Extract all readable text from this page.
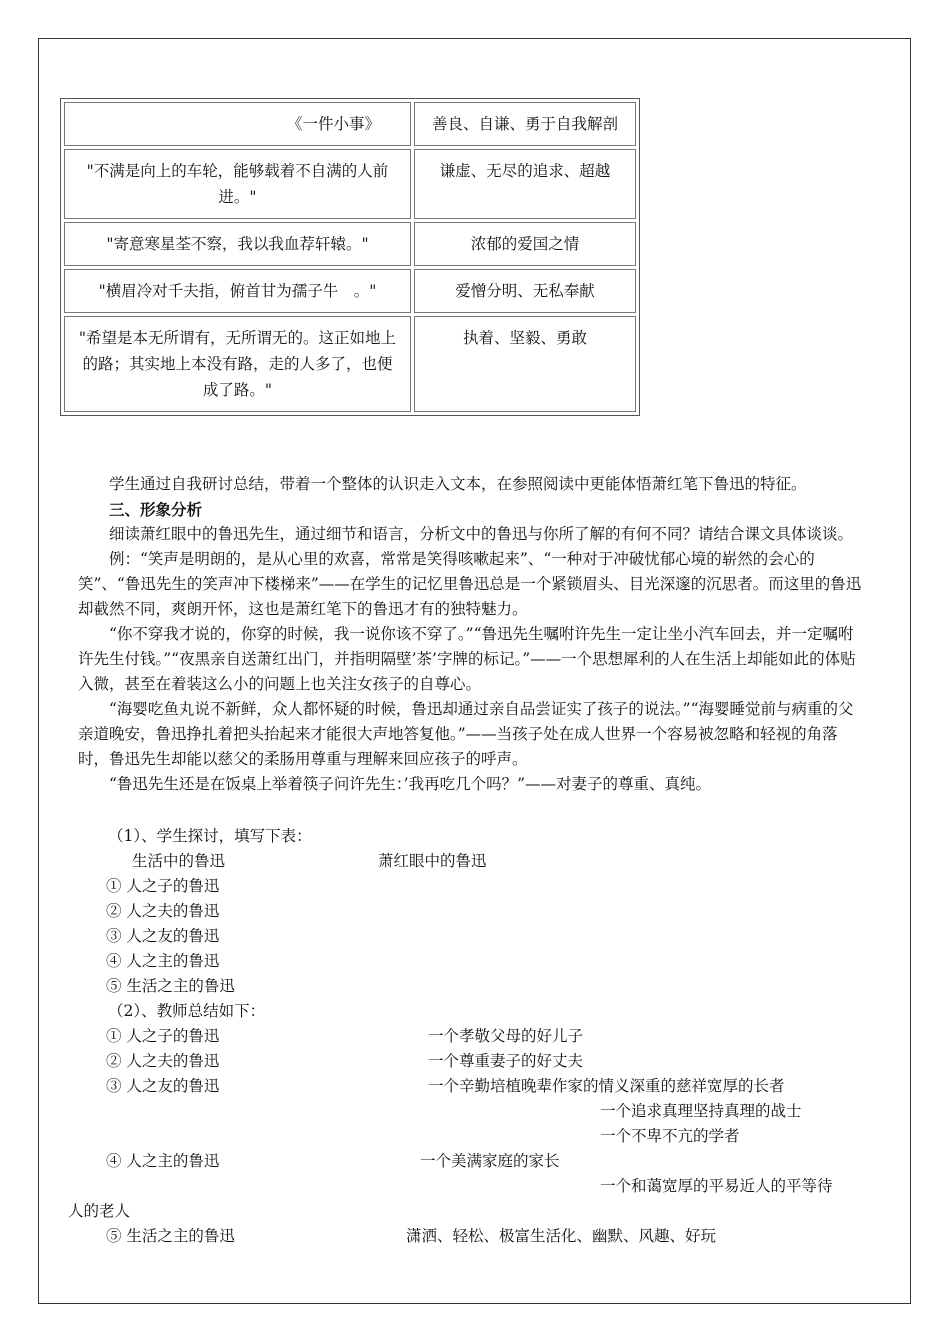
《一件小事》	善良、自谦、勇于自我解剖
"不满是向上的车轮，能够载着不自满的人前进。"	谦虚、无尽的追求、超越
"寄意寒星荃不察，我以我血荐轩辕。"	浓郁的爱国之情
"横眉冷对千夫指，俯首甘为孺子牛　。"	爱憎分明、无私奉献
"希望是本无所谓有，无所谓无的。这正如地上的路；其实地上本没有路，走的人多了，也便成了路。"	执着、坚毅、勇敢

学生通过自我研讨总结，带着一个整体的认识走入文本，在参照阅读中更能体悟萧红笔下鲁迅的特征。

三、形象分析

细读萧红眼中的鲁迅先生，通过细节和语言，分析文中的鲁迅与你所了解的有何不同？请结合课文具体谈谈。

例：“笑声是明朗的，是从心里的欢喜，常常是笑得咳嗽起来”、“一种对于冲破忧郁心境的崭然的会心的笑”、“鲁迅先生的笑声冲下楼梯来”——在学生的记忆里鲁迅总是一个紧锁眉头、目光深邃的沉思者。而这里的鲁迅却截然不同，爽朗开怀，这也是萧红笔下的鲁迅才有的独特魅力。

“你不穿我才说的，你穿的时候，我一说你该不穿了。”“鲁迅先生嘱咐许先生一定让坐小汽车回去，并一定嘱咐许先生付钱。”“夜黑亲自送萧红出门，并指明隔壁’茶’字牌的标记。”——一个思想犀利的人在生活上却能如此的体贴入微，甚至在着装这么小的问题上也关注女孩子的自尊心。

“海婴吃鱼丸说不新鲜，众人都怀疑的时候，鲁迅却通过亲自品尝证实了孩子的说法。”“海婴睡觉前与病重的父亲道晚安，鲁迅挣扎着把头抬起来才能很大声地答复他。”——当孩子处在成人世界一个容易被忽略和轻视的角落时，鲁迅先生却能以慈父的柔肠用尊重与理解来回应孩子的呼声。

“鲁迅先生还是在饭桌上举着筷子问许先生：’我再吃几个吗？”——对妻子的尊重、真纯。

（1）、学生探讨，填写下表：
生活中的鲁迅	萧红眼中的鲁迅
① 人之子的鲁迅
② 人之夫的鲁迅
③ 人之友的鲁迅
④ 人之主的鲁迅
⑤ 生活之主的鲁迅
（2）、教师总结如下：
① 人之子的鲁迅	一个孝敬父母的好儿子
② 人之夫的鲁迅	一个尊重妻子的好丈夫
③ 人之友的鲁迅	一个辛勤培植晚辈作家的情义深重的慈祥宽厚的长者
一个追求真理坚持真理的战士
一个不卑不亢的学者
④ 人之主的鲁迅	一个美满家庭的家长
一个和蔼宽厚的平易近人的平等待
人的老人
⑤ 生活之主的鲁迅	潇洒、轻松、极富生活化、幽默、风趣、好玩
